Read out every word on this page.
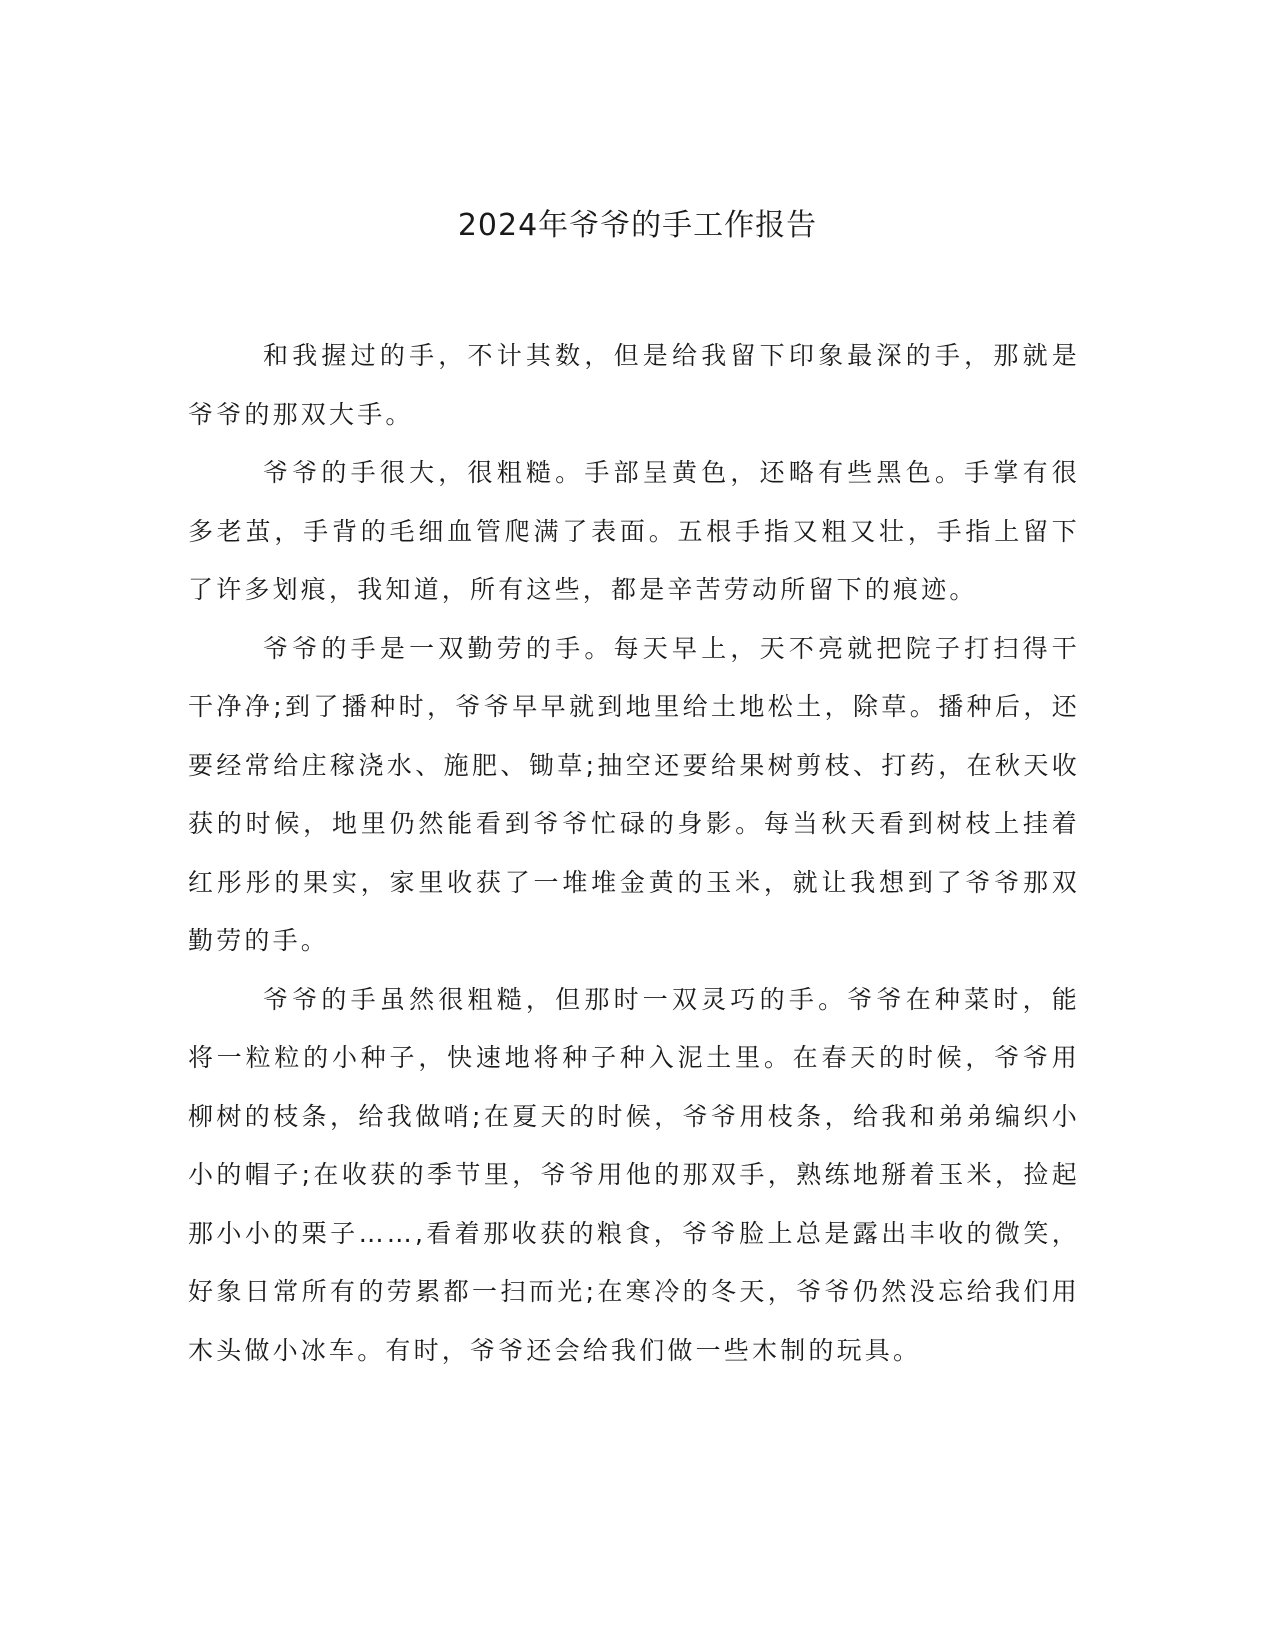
2024年爷爷的手工作报告

和我握过的手，不计其数，但是给我留下印象最深的手，那就是爷爷的那双大手。

爷爷的手很大，很粗糙。手部呈黄色，还略有些黑色。手掌有很多老茧，手背的毛细血管爬满了表面。五根手指又粗又壮，手指上留下了许多划痕，我知道，所有这些，都是辛苦劳动所留下的痕迹。

爷爷的手是一双勤劳的手。每天早上，天不亮就把院子打扫得干干净净;到了播种时，爷爷早早就到地里给土地松土，除草。播种后，还要经常给庄稼浇水、施肥、锄草;抽空还要给果树剪枝、打药，在秋天收获的时候，地里仍然能看到爷爷忙碌的身影。每当秋天看到树枝上挂着红彤彤的果实，家里收获了一堆堆金黄的玉米，就让我想到了爷爷那双勤劳的手。

爷爷的手虽然很粗糙，但那时一双灵巧的手。爷爷在种菜时，能将一粒粒的小种子，快速地将种子种入泥土里。在春天的时候，爷爷用柳树的枝条，给我做哨;在夏天的时候，爷爷用枝条，给我和弟弟编织小小的帽子;在收获的季节里，爷爷用他的那双手，熟练地掰着玉米，捡起那小小的栗子……,看着那收获的粮食，爷爷脸上总是露出丰收的微笑，好象日常所有的劳累都一扫而光;在寒冷的冬天，爷爷仍然没忘给我们用木头做小冰车。有时，爷爷还会给我们做一些木制的玩具。
